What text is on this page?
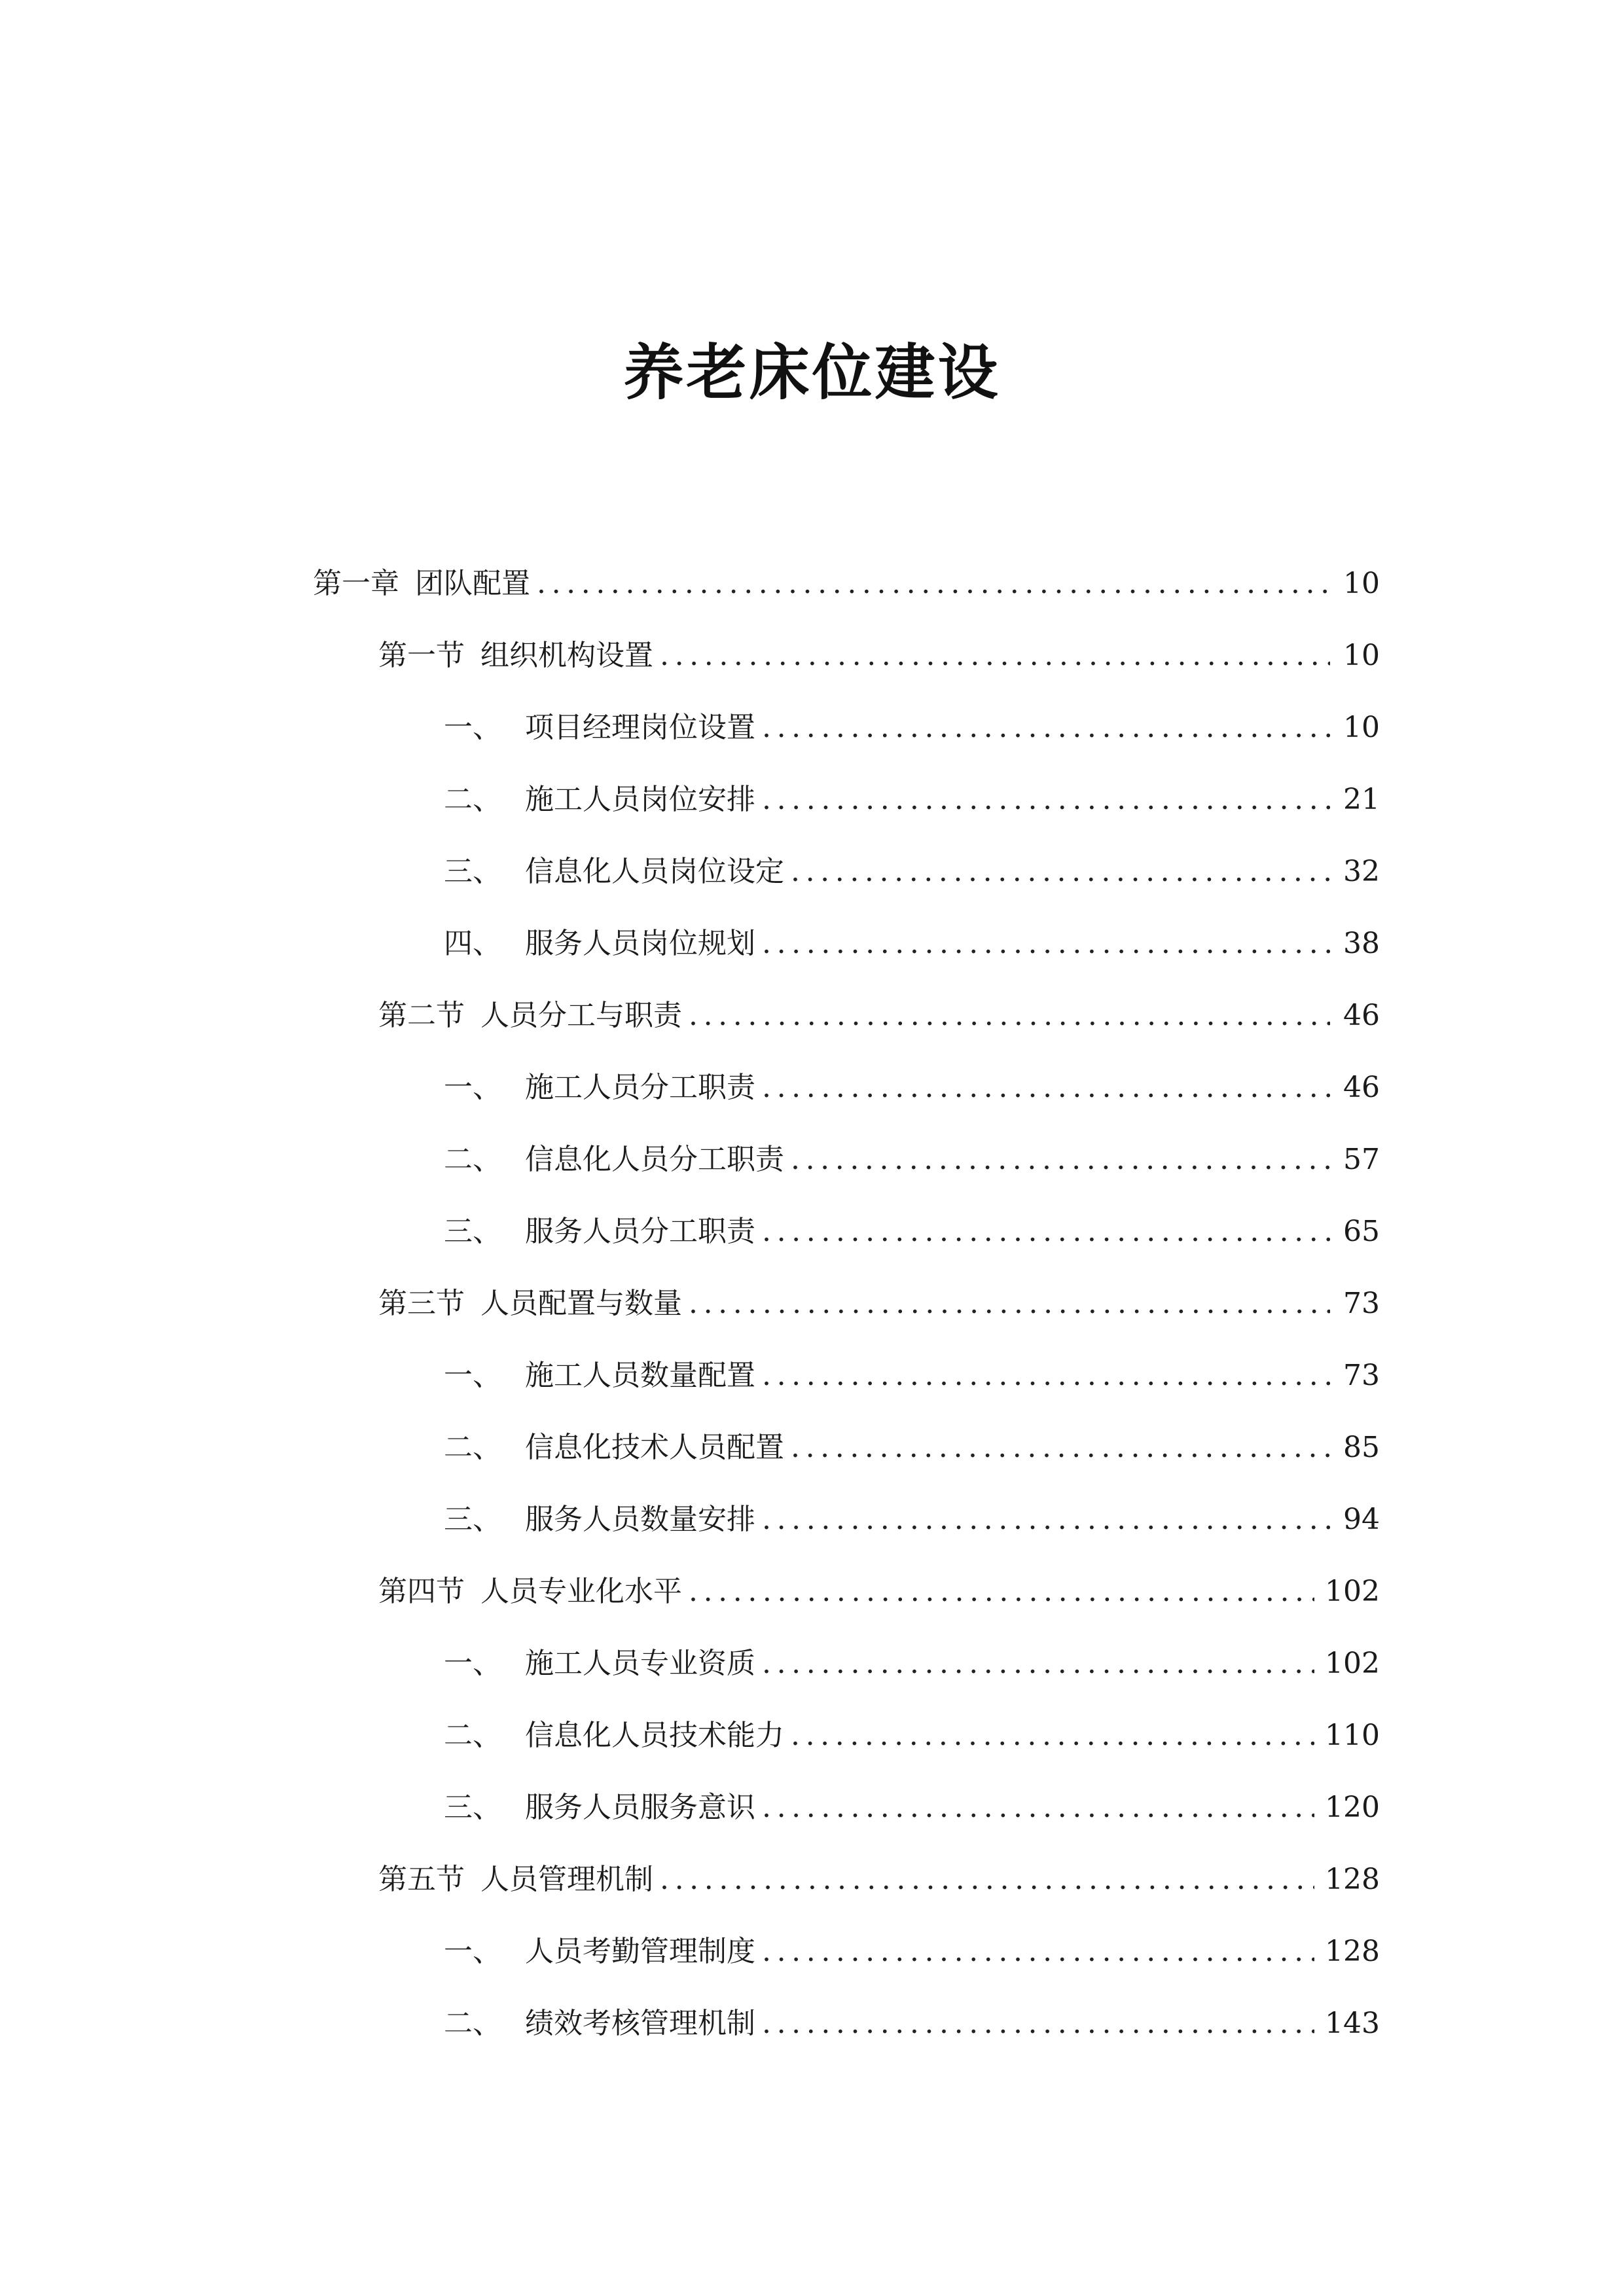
养老床位建设
第一章 团队配置 .....	10
第一节 组织机构设置 .....	10
一、 项目经理岗位设置 .....	10
二、 施工人员岗位安排 .....	21
三、 信息化人员岗位设定 .....	32
四、 服务人员岗位规划 .....	38
第二节 人员分工与职责 .....	46
一、 施工人员分工职责 .....	46
二、 信息化人员分工职责 .....	57
三、 服务人员分工职责 .....	65
第三节 人员配置与数量 .....	73
一、 施工人员数量配置 .....	73
二、 信息化技术人员配置 .....	85
三、 服务人员数量安排 .....	94
第四节 人员专业化水平 .....	102
一、 施工人员专业资质 .....	102
二、 信息化人员技术能力 .....	110
三、 服务人员服务意识 .....	120
第五节 人员管理机制 .....	128
一、 人员考勤管理制度 .....	128
二、 绩效考核管理机制 .....	143
